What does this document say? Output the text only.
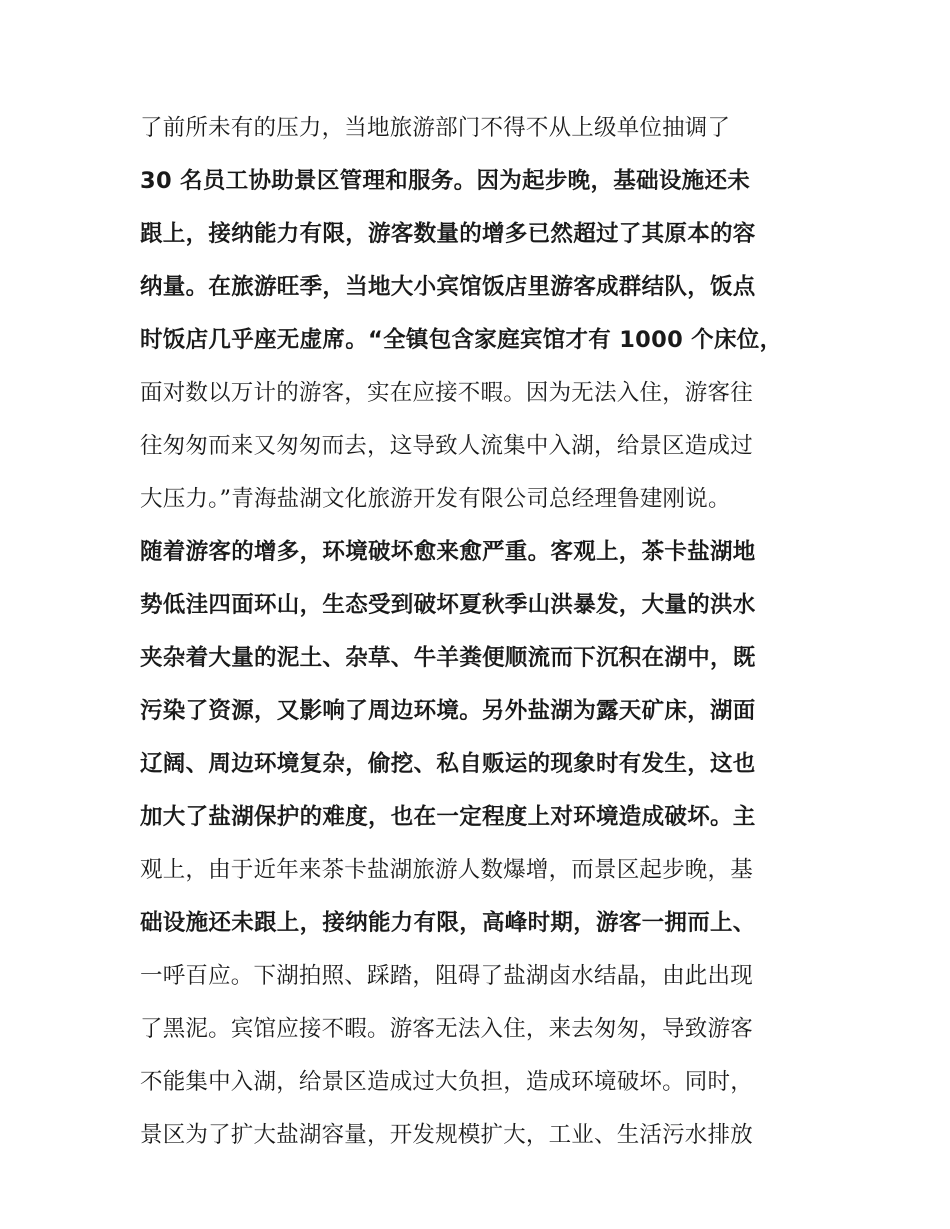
了前所未有的压力，当地旅游部门不得不从上级单位抽调了
30 名员工协助景区管理和服务。因为起步晚，基础设施还未
跟上，接纳能力有限，游客数量的增多已然超过了其原本的容
纳量。在旅游旺季，当地大小宾馆饭店里游客成群结队，饭点
时饭店几乎座无虚席。“全镇包含家庭宾馆才有 1000 个床位，
面对数以万计的游客，实在应接不暇。因为无法入住，游客往
往匆匆而来又匆匆而去，这导致人流集中入湖，给景区造成过
大压力。”青海盐湖文化旅游开发有限公司总经理鲁建刚说。
随着游客的增多，环境破坏愈来愈严重。客观上，茶卡盐湖地
势低洼四面环山，生态受到破坏夏秋季山洪暴发，大量的洪水
夹杂着大量的泥土、杂草、牛羊粪便顺流而下沉积在湖中，既
污染了资源，又影响了周边环境。另外盐湖为露天矿床，湖面
辽阔、周边环境复杂，偷挖、私自贩运的现象时有发生，这也
加大了盐湖保护的难度，也在一定程度上对环境造成破坏。主
观上，由于近年来茶卡盐湖旅游人数爆增，而景区起步晚，基
础设施还未跟上，接纳能力有限，高峰时期，游客一拥而上、
一呼百应。下湖拍照、踩踏，阻碍了盐湖卤水结晶，由此出现
了黑泥。宾馆应接不暇。游客无法入住，来去匆匆，导致游客
不能集中入湖，给景区造成过大负担，造成环境破坏。同时，
景区为了扩大盐湖容量，开发规模扩大，工业、生活污水排放
